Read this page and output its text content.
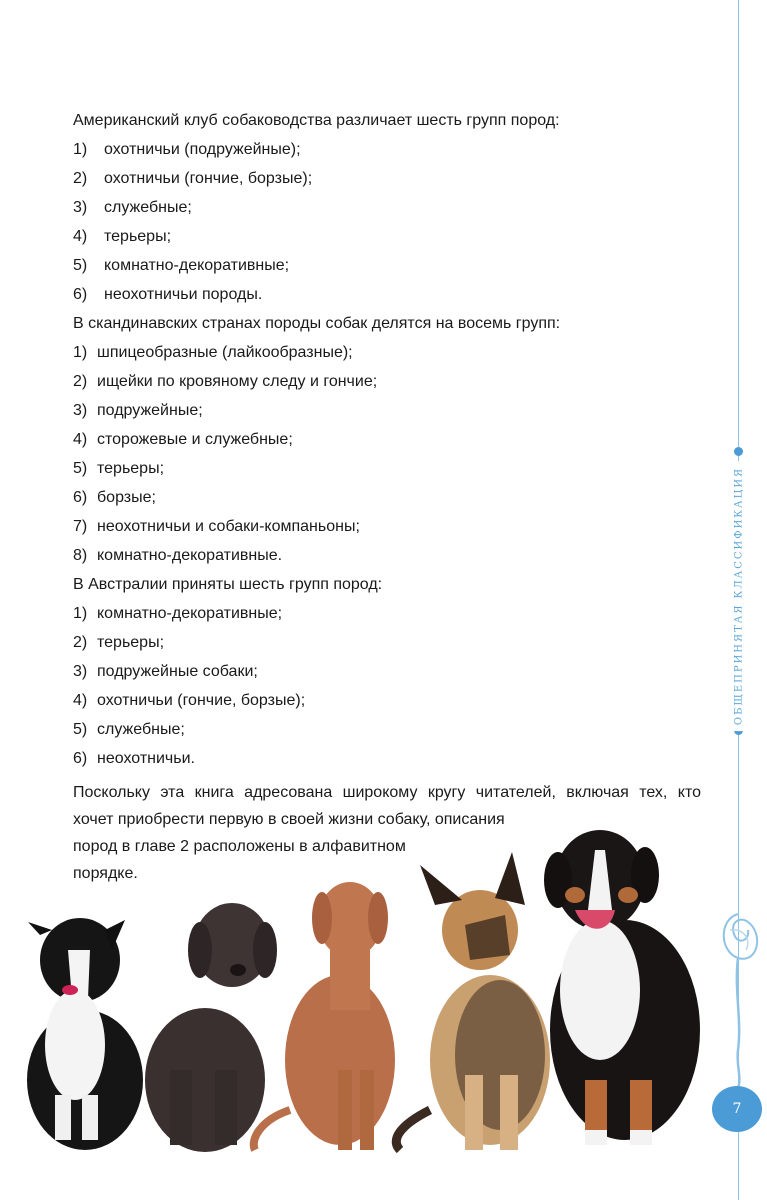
Американский клуб собаководства различает шесть групп пород:

1) охотничьи (подружейные);

2) охотничьи (гончие, борзые);

3) служебные;

4) терьеры;

5) комнатно-декоративные;

6) неохотничьи породы.

В скандинавских странах породы собак делятся на восемь групп:

1) шпицеобразные (лайкообразные);

2) ищейки по кровяному следу и гончие;

3) подружейные;

4) сторожевые и служебные;

5) терьеры;

6) борзые;

7) неохотничьи и собаки-компаньоны;

8) комнатно-декоративные.

В Австралии приняты шесть групп пород:

1) комнатно-декоративные;

2) терьеры;

3) подружейные собаки;

4) охотничьи (гончие, борзые);

5) служебные;

6) неохотничьи.

Поскольку эта книга адресована широкому кругу читателей, включая тех, кто
хочет приобрести первую в своей жизни собаку, описания
пород в главе 2 расположены в алфавитном
порядке.

ОБЩЕПРИНЯТАЯ КЛАССИФИКАЦИЯ
7
